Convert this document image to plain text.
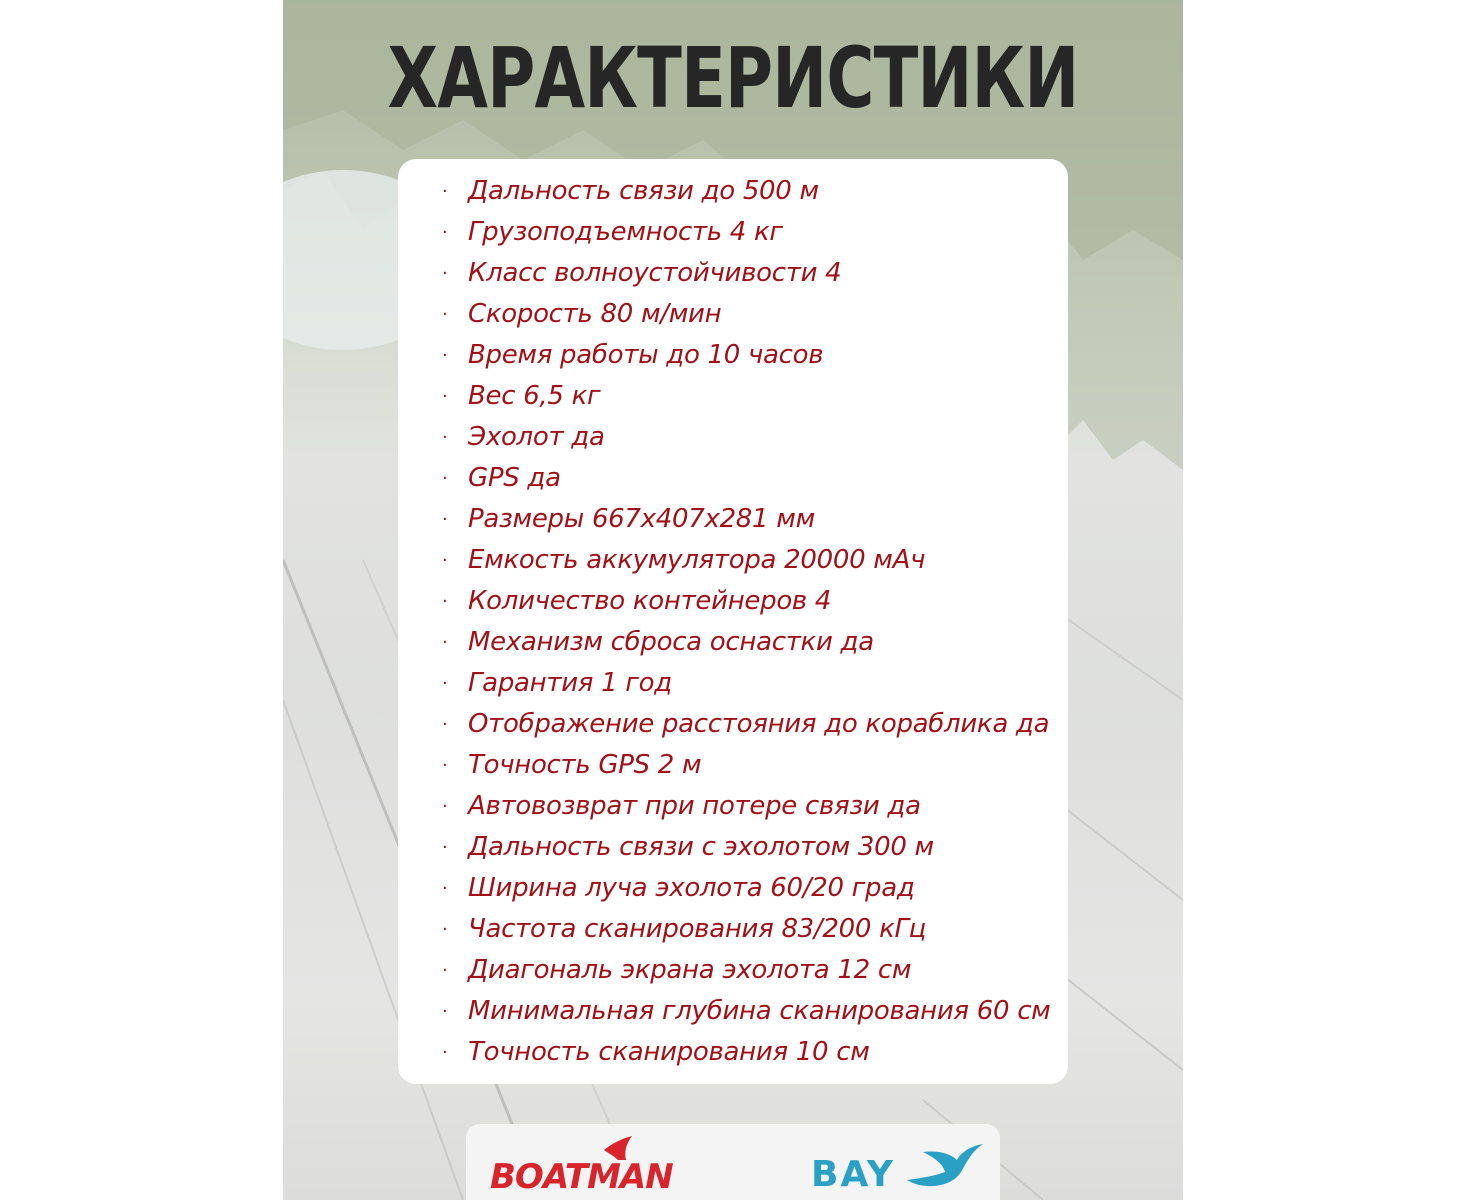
ХАРАКТЕРИСТИКИ
· Дальность связи до 500 м
· Грузоподъемность 4 кг
· Класс волноустойчивости 4
· Скорость 80 м/мин
· Время работы до 10 часов
· Вес 6,5 кг
· Эхолот да
· GPS да
· Размеры 667х407х281 мм
· Емкость аккумулятора 20000 мАч
· Количество контейнеров 4
· Механизм сброса оснастки да
· Гарантия 1 год
· Отображение расстояния до кораблика да
· Точность GPS 2 м
· Автовозврат при потере связи да
· Дальность связи с эхолотом 300 м
· Ширина луча эхолота 60/20 град
· Частота сканирования 83/200 кГц
· Диагональ экрана эхолота 12 см
· Минимальная глубина сканирования 60 см
· Точность сканирования 10 см
BOATMAN	BAY
